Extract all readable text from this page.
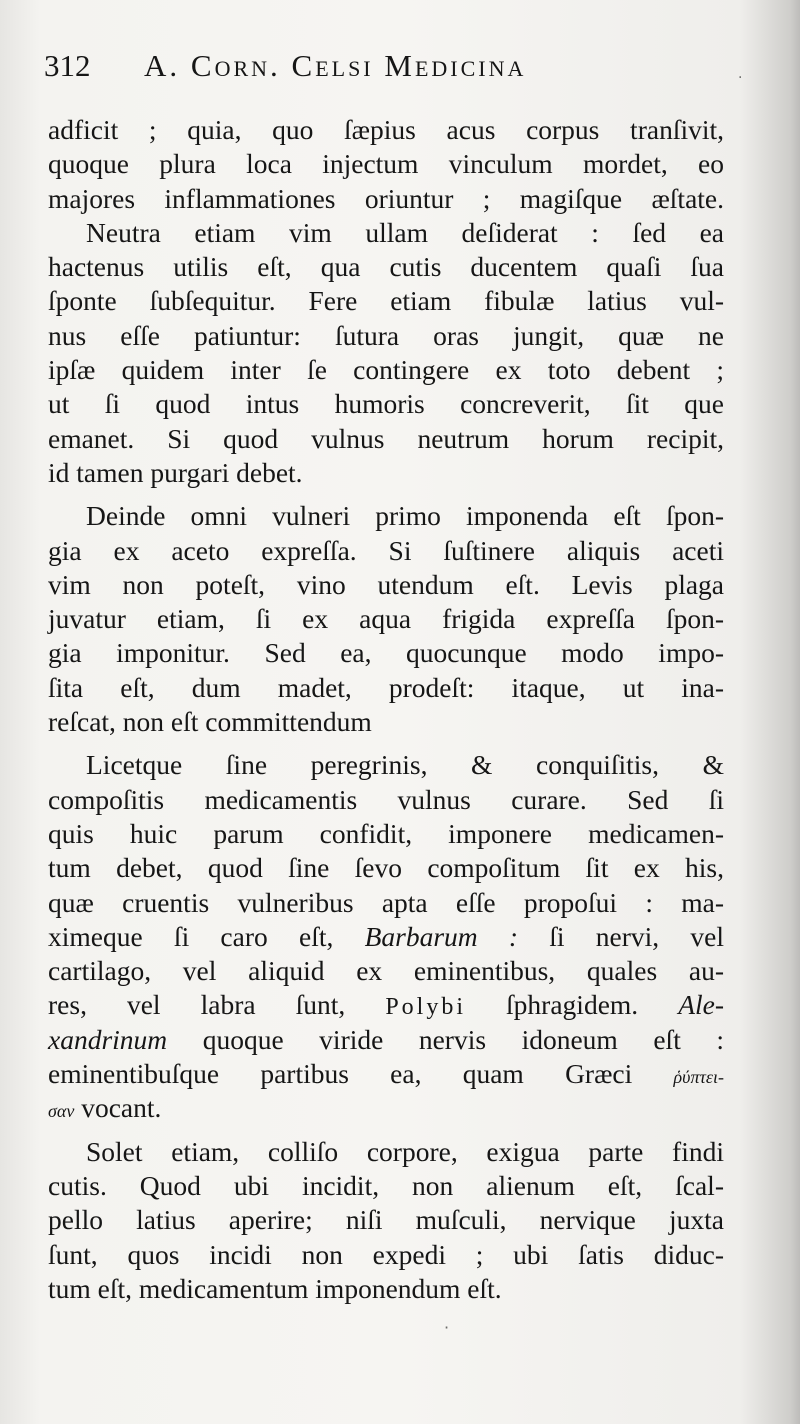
312 A. Corn. Celsi Medicina
adficit ; quia, quo ſæpius acus corpus tranſivit,
quoque plura loca injectum vinculum mordet, eo
majores inflammationes oriuntur ; magiſque æſtate.
Neutra etiam vim ullam deſiderat : ſed ea
hactenus utilis eſt, qua cutis ducentem quaſi ſua
ſponte ſubſequitur. Fere etiam fibulæ latius vul-
nus eſſe patiuntur: ſutura oras jungit, quæ ne
ipſæ quidem inter ſe contingere ex toto debent ;
ut ſi quod intus humoris concreverit, ſit que
emanet. Si quod vulnus neutrum horum recipit,
id tamen purgari debet.
Deinde omni vulneri primo imponenda eſt ſpon-
gia ex aceto expreſſa. Si ſuſtinere aliquis aceti
vim non poteſt, vino utendum eſt. Levis plaga
juvatur etiam, ſi ex aqua frigida expreſſa ſpon-
gia imponitur. Sed ea, quocunque modo impo-
ſita eſt, dum madet, prodeſt: itaque, ut ina-
reſcat, non eſt committendum
Licetque ſine peregrinis, & conquiſitis, &
compoſitis medicamentis vulnus curare. Sed ſi
quis huic parum confidit, imponere medicamen-
tum debet, quod ſine ſevo compoſitum ſit ex his,
quæ cruentis vulneribus apta eſſe propoſui : ma-
ximeque ſi caro eſt, Barbarum : ſi nervi, vel
cartilago, vel aliquid ex eminentibus, quales au-
res, vel labra ſunt, Polybi ſphragidem. Ale-
xandrinum quoque viride nervis idoneum eſt :
eminentibuſque partibus ea, quam Græci ῥύπτει-
σαν vocant.
Solet etiam, colliſo corpore, exigua parte findi
cutis. Quod ubi incidit, non alienum eſt, ſcal-
pello latius aperire; niſi muſculi, nervique juxta
ſunt, quos incidi non expedi ; ubi ſatis diduc-
tum eſt, medicamentum imponendum eſt.
·
·
